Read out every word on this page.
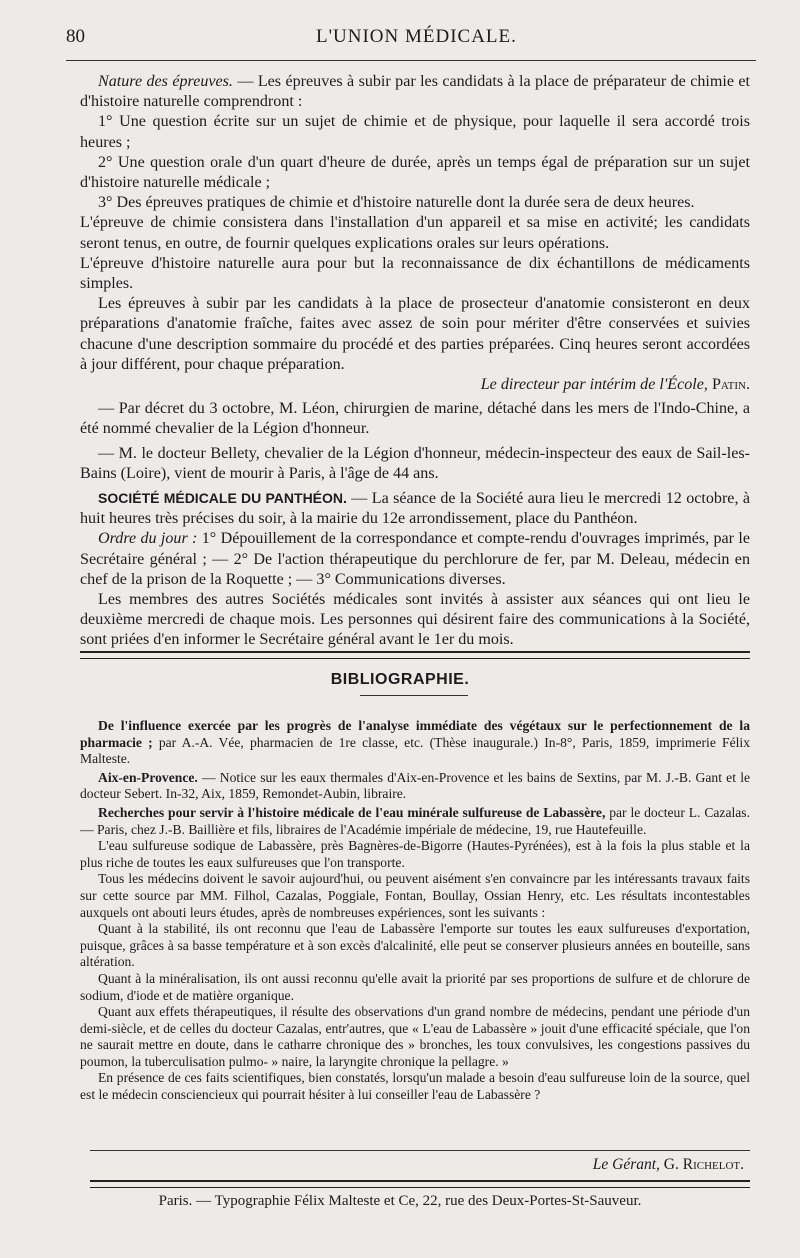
80	L'UNION MÉDICALE.

Nature des épreuves. — Les épreuves à subir par les candidats à la place de préparateur de chimie et d'histoire naturelle comprendront :

1° Une question écrite sur un sujet de chimie et de physique, pour laquelle il sera accordé trois heures ;

2° Une question orale d'un quart d'heure de durée, après un temps égal de préparation sur un sujet d'histoire naturelle médicale ;

3° Des épreuves pratiques de chimie et d'histoire naturelle dont la durée sera de deux heures.

L'épreuve de chimie consistera dans l'installation d'un appareil et sa mise en activité; les candidats seront tenus, en outre, de fournir quelques explications orales sur leurs opérations.

L'épreuve d'histoire naturelle aura pour but la reconnaissance de dix échantillons de médicaments simples.

Les épreuves à subir par les candidats à la place de prosecteur d'anatomie consisteront en deux préparations d'anatomie fraîche, faites avec assez de soin pour mériter d'être conservées et suivies chacune d'une description sommaire du procédé et des parties préparées. Cinq heures seront accordées à jour différent, pour chaque préparation.

Le directeur par intérim de l'École, Patin.

— Par décret du 3 octobre, M. Léon, chirurgien de marine, détaché dans les mers de l'Indo-Chine, a été nommé chevalier de la Légion d'honneur.

— M. le docteur Bellety, chevalier de la Légion d'honneur, médecin-inspecteur des eaux de Sail-les-Bains (Loire), vient de mourir à Paris, à l'âge de 44 ans.

SOCIÉTÉ MÉDICALE DU PANTHÉON. — La séance de la Société aura lieu le mercredi 12 octobre, à huit heures très précises du soir, à la mairie du 12e arrondissement, place du Panthéon.

Ordre du jour : 1° Dépouillement de la correspondance et compte-rendu d'ouvrages imprimés, par le Secrétaire général ; — 2° De l'action thérapeutique du perchlorure de fer, par M. Deleau, médecin en chef de la prison de la Roquette ; — 3° Communications diverses.

Les membres des autres Sociétés médicales sont invités à assister aux séances qui ont lieu le deuxième mercredi de chaque mois. Les personnes qui désirent faire des communications à la Société, sont priées d'en informer le Secrétaire général avant le 1er du mois.

BIBLIOGRAPHIE.

De l'influence exercée par les progrès de l'analyse immédiate des végétaux sur le perfectionnement de la pharmacie ; par A.-A. Vée, pharmacien de 1re classe, etc. (Thèse inaugurale.) In-8°, Paris, 1859, imprimerie Félix Malteste.

Aix-en-Provence. — Notice sur les eaux thermales d'Aix-en-Provence et les bains de Sextins, par M. J.-B. Gant et le docteur Sebert. In-32, Aix, 1859, Remondet-Aubin, libraire.

Recherches pour servir à l'histoire médicale de l'eau minérale sulfureuse de Labassère, par le docteur L. Cazalas. — Paris, chez J.-B. Baillière et fils, libraires de l'Académie impériale de médecine, 19, rue Hautefeuille.

L'eau sulfureuse sodique de Labassère, près Bagnères-de-Bigorre (Hautes-Pyrénées), est à la fois la plus stable et la plus riche de toutes les eaux sulfureuses que l'on transporte.

Tous les médecins doivent le savoir aujourd'hui, ou peuvent aisément s'en convaincre par les intéressants travaux faits sur cette source par MM. Filhol, Cazalas, Poggiale, Fontan, Boullay, Ossian Henry, etc. Les résultats incontestables auxquels ont abouti leurs études, après de nombreuses expériences, sont les suivants :

Quant à la stabilité, ils ont reconnu que l'eau de Labassère l'emporte sur toutes les eaux sulfureuses d'exportation, puisque, grâces à sa basse température et à son excès d'alcalinité, elle peut se conserver plusieurs années en bouteille, sans altération.

Quant à la minéralisation, ils ont aussi reconnu qu'elle avait la priorité par ses proportions de sulfure et de chlorure de sodium, d'iode et de matière organique.

Quant aux effets thérapeutiques, il résulte des observations d'un grand nombre de médecins, pendant une période d'un demi-siècle, et de celles du docteur Cazalas, entr'autres, que « L'eau de Labassère » jouit d'une efficacité spéciale, que l'on ne saurait mettre en doute, dans le catharre chronique des » bronches, les toux convulsives, les congestions passives du poumon, la tuberculisation pulmo- » naire, la laryngite chronique la pellagre. »

En présence de ces faits scientifiques, bien constatés, lorsqu'un malade a besoin d'eau sulfureuse loin de la source, quel est le médecin consciencieux qui pourrait hésiter à lui conseiller l'eau de Labassère ?

Le Gérant, G. Richelot.
Paris. — Typographie Félix Malteste et Ce, 22, rue des Deux-Portes-St-Sauveur.
